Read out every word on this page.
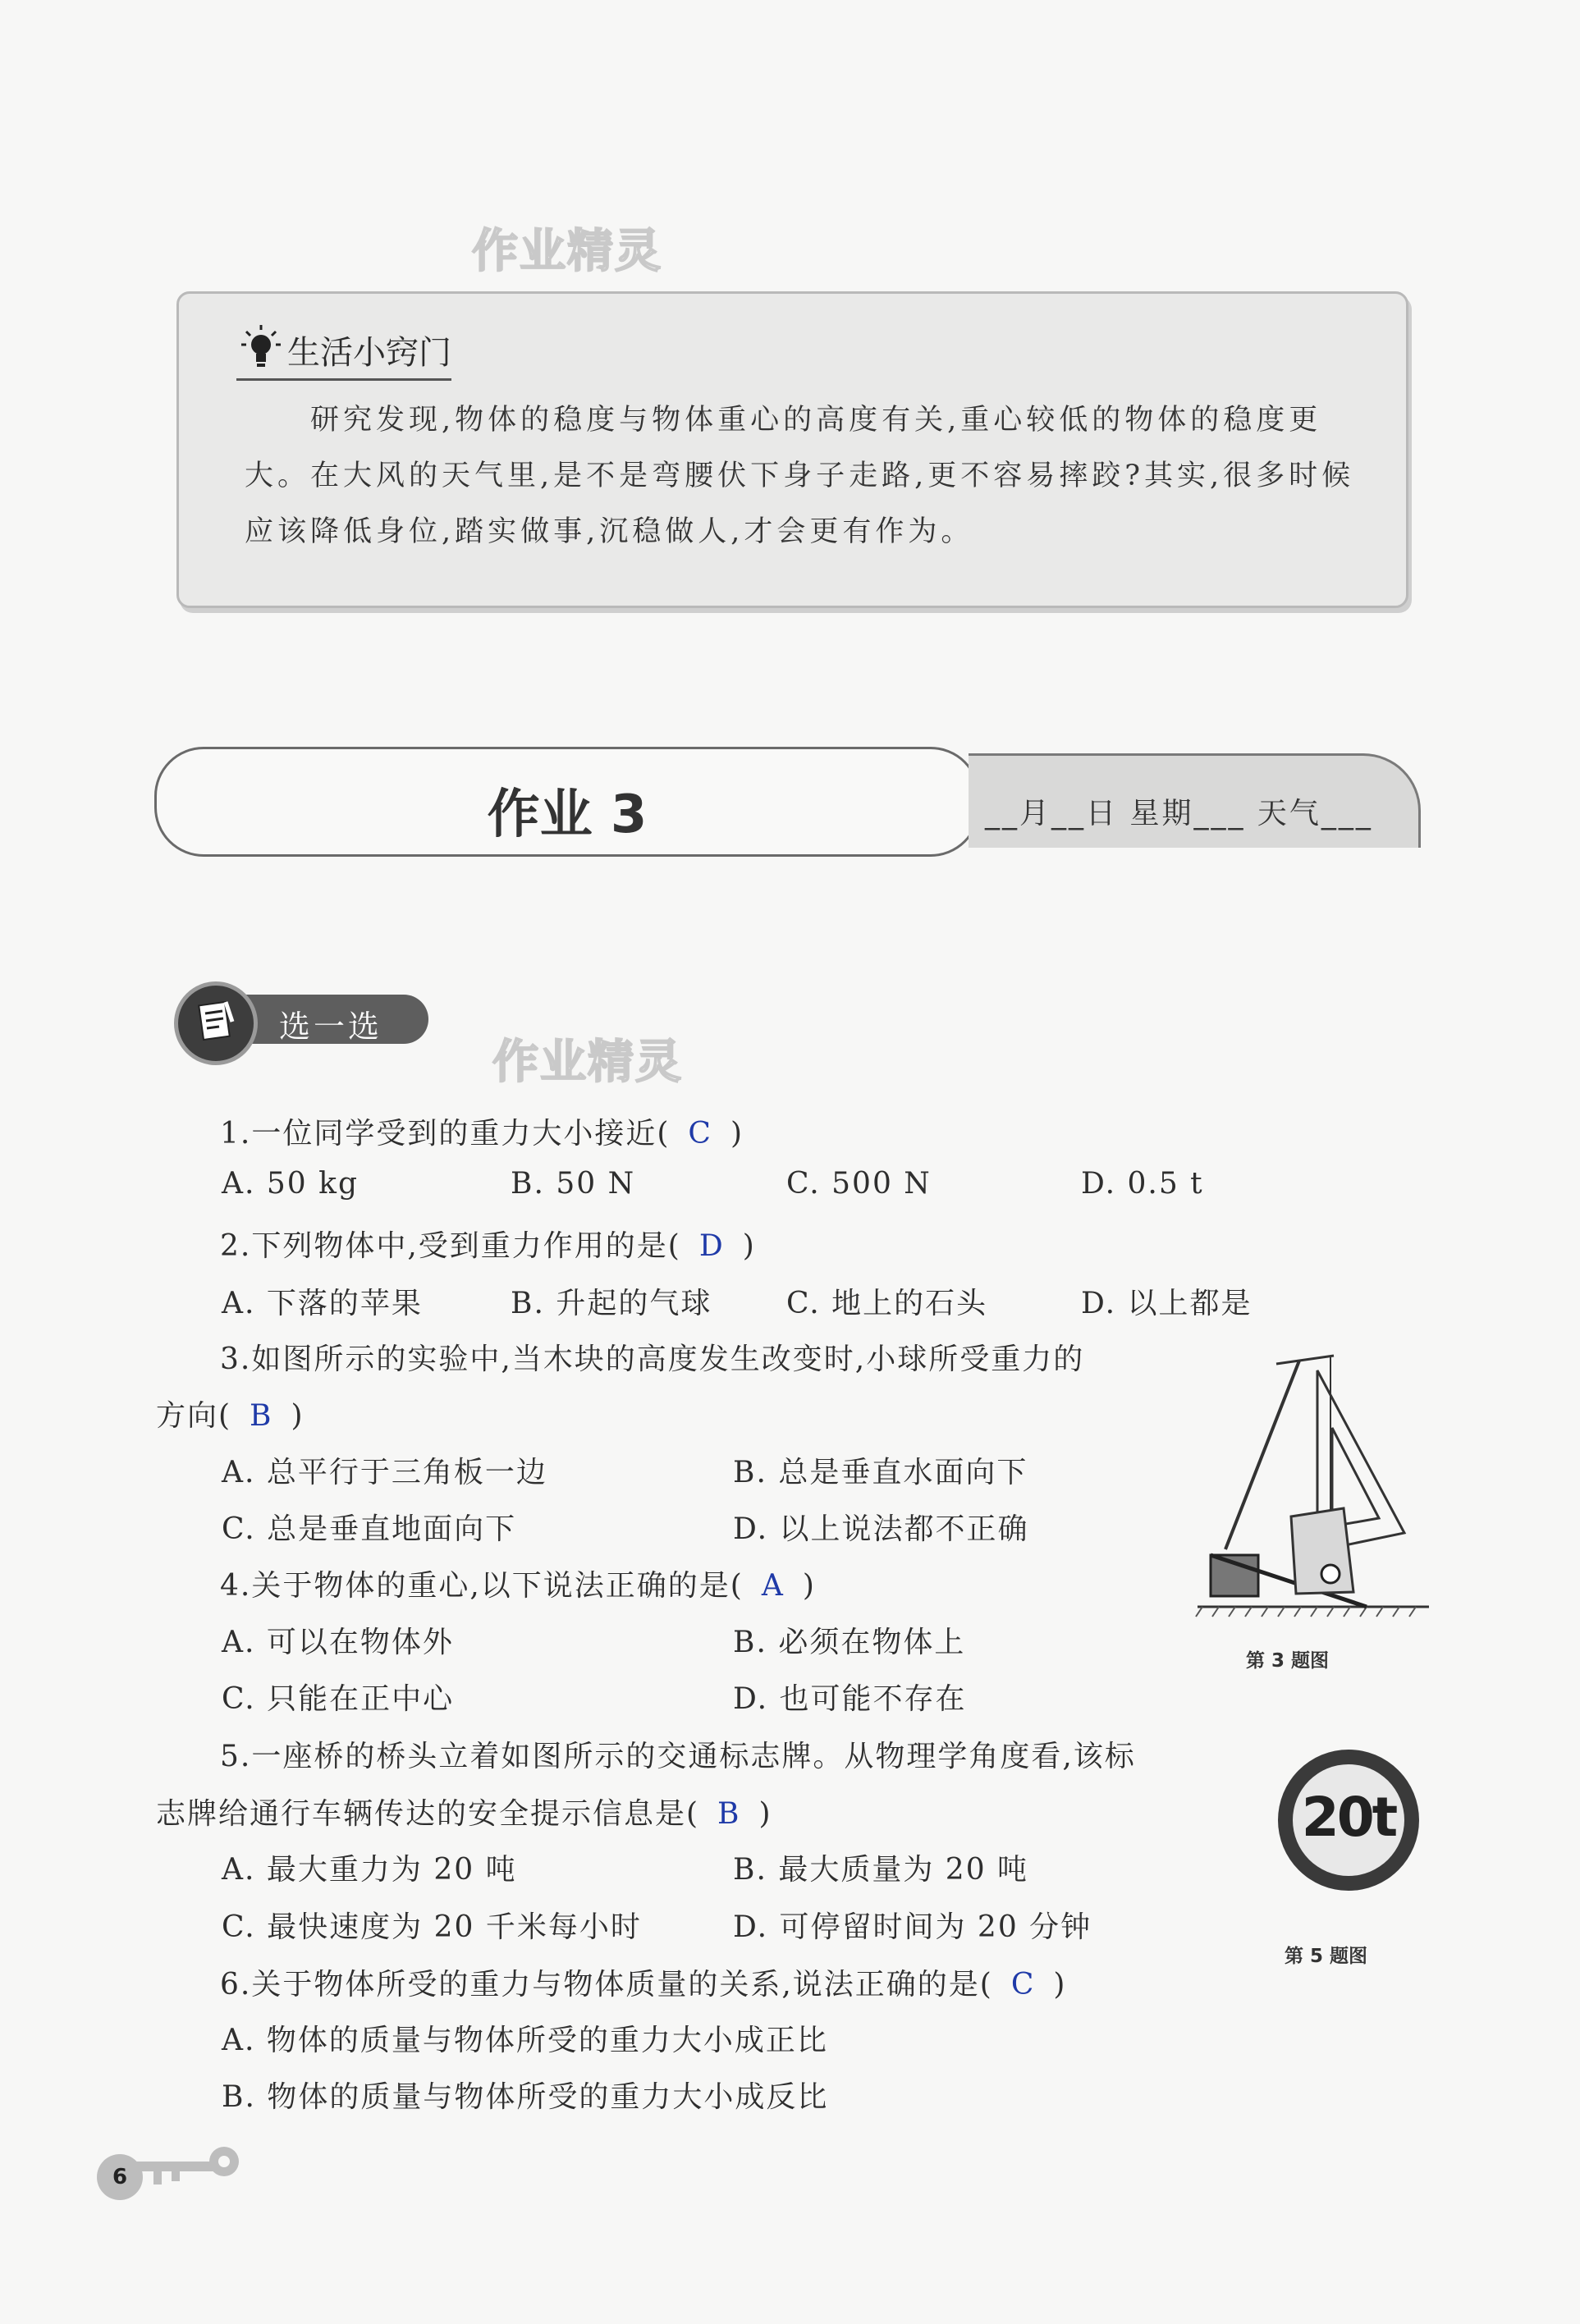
作业精灵
作业精灵
生活小窍门
研究发现,物体的稳度与物体重心的高度有关,重心较低的物体的稳度更大。在大风的天气里,是不是弯腰伏下身子走路,更不容易摔跤?其实,很多时候应该降低身位,踏实做事,沉稳做人,才会更有作为。
作业 3	__月__日 星期___ 天气___
选一选
1.一位同学受到的重力大小接近( C )
A. 50 kg	B. 50 N	C. 500 N	D. 0.5 t
2.下列物体中,受到重力作用的是( D )
A. 下落的苹果	B. 升起的气球	C. 地上的石头	D. 以上都是
3.如图所示的实验中,当木块的高度发生改变时,小球所受重力的
方向( B )
A. 总平行于三角板一边	B. 总是垂直水面向下
C. 总是垂直地面向下	D. 以上说法都不正确
4.关于物体的重心,以下说法正确的是( A )
A. 可以在物体外	B. 必须在物体上
C. 只能在正中心	D. 也可能不存在
5.一座桥的桥头立着如图所示的交通标志牌。从物理学角度看,该标
志牌给通行车辆传达的安全提示信息是( B )
A. 最大重力为 20 吨	B. 最大质量为 20 吨
C. 最快速度为 20 千米每小时	D. 可停留时间为 20 分钟
6.关于物体所受的重力与物体质量的关系,说法正确的是( C )
A. 物体的质量与物体所受的重力大小成正比
B. 物体的质量与物体所受的重力大小成反比
第 3 题图
20t
第 5 题图
6
